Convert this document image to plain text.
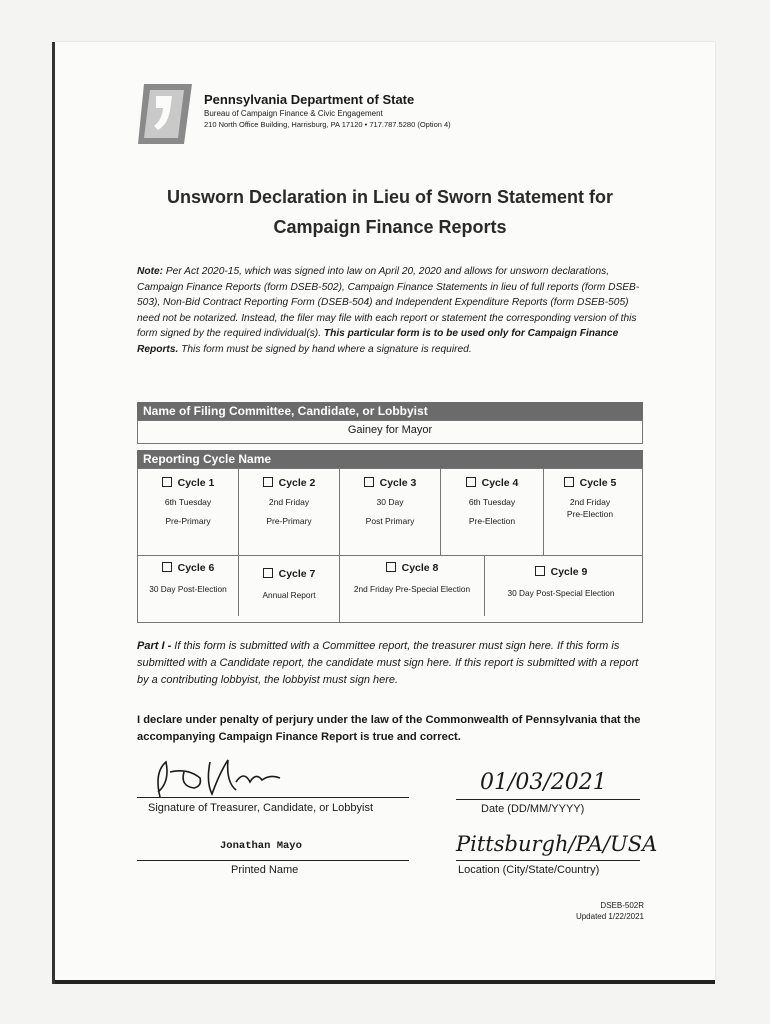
Pennsylvania Department of State
Bureau of Campaign Finance & Civic Engagement
210 North Office Building, Harrisburg, PA 17120 • 717.787.5280 (Option 4)
Unsworn Declaration in Lieu of Sworn Statement for
Campaign Finance Reports
Note: Per Act 2020-15, which was signed into law on April 20, 2020 and allows for unsworn declarations, Campaign Finance Reports (form DSEB-502), Campaign Finance Statements in lieu of full reports (form DSEB-503), Non-Bid Contract Reporting Form (DSEB-504) and Independent Expenditure Reports (form DSEB-505) need not be notarized. Instead, the filer may file with each report or statement the corresponding version of this form signed by the required individual(s). This particular form is to be used only for Campaign Finance Reports. This form must be signed by hand where a signature is required.
Name of Filing Committee, Candidate, or Lobbyist
Gainey for Mayor
Reporting Cycle Name
Cycle 1
6th Tuesday
Pre-Primary
Cycle 2
2nd Friday
Pre-Primary
Cycle 3
30 Day
Post Primary
Cycle 4
6th Tuesday
Pre-Election
Cycle 5
2nd Friday
Pre-Election
Cycle 6
30 Day Post-Election
Cycle 7
Annual Report
Cycle 8
2nd Friday Pre-Special Election
Cycle 9
30 Day Post-Special Election
Part I - If this form is submitted with a Committee report, the treasurer must sign here. If this form is submitted with a Candidate report, the candidate must sign here. If this report is submitted with a report by a contributing lobbyist, the lobbyist must sign here.
I declare under penalty of perjury under the law of the Commonwealth of Pennsylvania that the accompanying Campaign Finance Report is true and correct.
Signature of Treasurer, Candidate, or Lobbyist
01/03/2021
Date (DD/MM/YYYY)
Jonathan Mayo
Printed Name
Pittsburgh/PA/USA
Location (City/State/Country)
DSEB-502R
Updated 1/22/2021
